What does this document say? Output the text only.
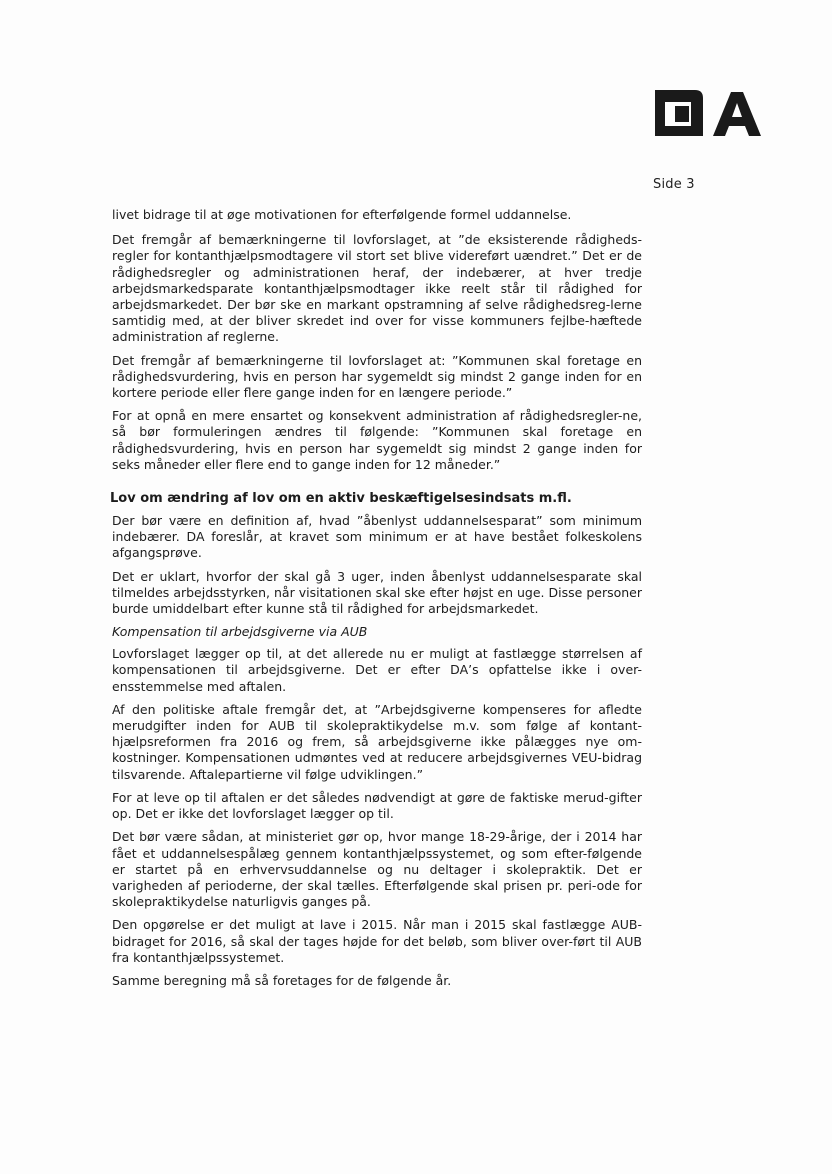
Side 3

livet bidrage til at øge motivationen for efterfølgende formel uddannelse.

Det fremgår af bemærkningerne til lovforslaget, at ”de eksisterende rådigheds-regler for kontanthjælpsmodtagere vil stort set blive videreført uændret.” Det er de rådighedsregler og administrationen heraf, der indebærer, at hver tredje arbejdsmarkedsparate kontanthjælpsmodtager ikke reelt står til rådighed for arbejdsmarkedet. Der bør ske en markant opstramning af selve rådighedsreg-lerne samtidig med, at der bliver skredet ind over for visse kommuners fejlbe-hæftede administration af reglerne.

Det fremgår af bemærkningerne til lovforslaget at: ”Kommunen skal foretage en rådighedsvurdering, hvis en person har sygemeldt sig mindst 2 gange inden for en kortere periode eller flere gange inden for en længere periode.”

For at opnå en mere ensartet og konsekvent administration af rådighedsregler-ne, så bør formuleringen ændres til følgende: ”Kommunen skal foretage en rådighedsvurdering, hvis en person har sygemeldt sig mindst 2 gange inden for seks måneder eller flere end to gange inden for 12 måneder.”

Lov om ændring af lov om en aktiv beskæftigelsesindsats m.fl.

Der bør være en definition af, hvad ”åbenlyst uddannelsesparat” som minimum indebærer. DA foreslår, at kravet som minimum er at have bestået folkeskolens afgangsprøve.

Det er uklart, hvorfor der skal gå 3 uger, inden åbenlyst uddannelsesparate skal tilmeldes arbejdsstyrken, når visitationen skal ske efter højst en uge. Disse personer burde umiddelbart efter kunne stå til rådighed for arbejdsmarkedet.

Kompensation til arbejdsgiverne via AUB

Lovforslaget lægger op til, at det allerede nu er muligt at fastlægge størrelsen af kompensationen til arbejdsgiverne. Det er efter DA’s opfattelse ikke i over-ensstemmelse med aftalen.

Af den politiske aftale fremgår det, at ”Arbejdsgiverne kompenseres for afledte merudgifter inden for AUB til skolepraktikydelse m.v. som følge af kontant-hjælpsreformen fra 2016 og frem, så arbejdsgiverne ikke pålægges nye om-kostninger. Kompensationen udmøntes ved at reducere arbejdsgivernes VEU-bidrag tilsvarende. Aftalepartierne vil følge udviklingen.”

For at leve op til aftalen er det således nødvendigt at gøre de faktiske merud-gifter op. Det er ikke det lovforslaget lægger op til.

Det bør være sådan, at ministeriet gør op, hvor mange 18-29-årige, der i 2014 har fået et uddannelsespålæg gennem kontanthjælpssystemet, og som efter-følgende er startet på en erhvervsuddannelse og nu deltager i skolepraktik. Det er varigheden af perioderne, der skal tælles. Efterfølgende skal prisen pr. peri-ode for skolepraktikydelse naturligvis ganges på.

Den opgørelse er det muligt at lave i 2015. Når man i 2015 skal fastlægge AUB-bidraget for 2016, så skal der tages højde for det beløb, som bliver over-ført til AUB fra kontanthjælpssystemet.

Samme beregning må så foretages for de følgende år.
